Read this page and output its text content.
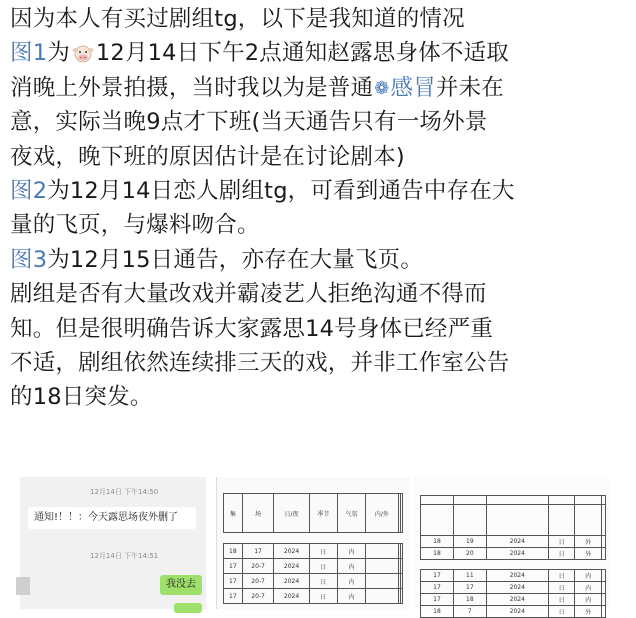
因为本人有买过剧组tg，以下是我知道的情况
图1为 12月14日下午2点通知赵露思身体不适取
消晚上外景拍摄，当时我以为是普通❁感冒并未在
意，实际当晚9点才下班(当天通告只有一场外景
夜戏，晚下班的原因估计是在讨论剧本)
图2为12月14日恋人剧组tg，可看到通告中存在大
量的飞页，与爆料吻合。
图3为12月15日通告，亦存在大量飞页。
剧组是否有大量改戏并霸凌艺人拒绝沟通不得而
知。但是很明确告诉大家露思14号身体已经严重
不适，剧组依然连续排三天的戏，并非工作室公告
的18日突发。
12月14日 下午14:50
通知!！！：今天露思场夜外删了
12月14日 下午14:51
我没去
集	场	日/夜	季节	气氛	内/外		

18	17	2024	日	内			
17	20-7	2024	日	内			
17	20-7	2024	日	内			
17	20-7	2024	日	内			

18	19	2024	日	外	
18	20	2024	日	外	

17	11	2024	日	内	
17	17	2024	日	内	
17	18	2024	日	内	
18	7	2024	日	外	
